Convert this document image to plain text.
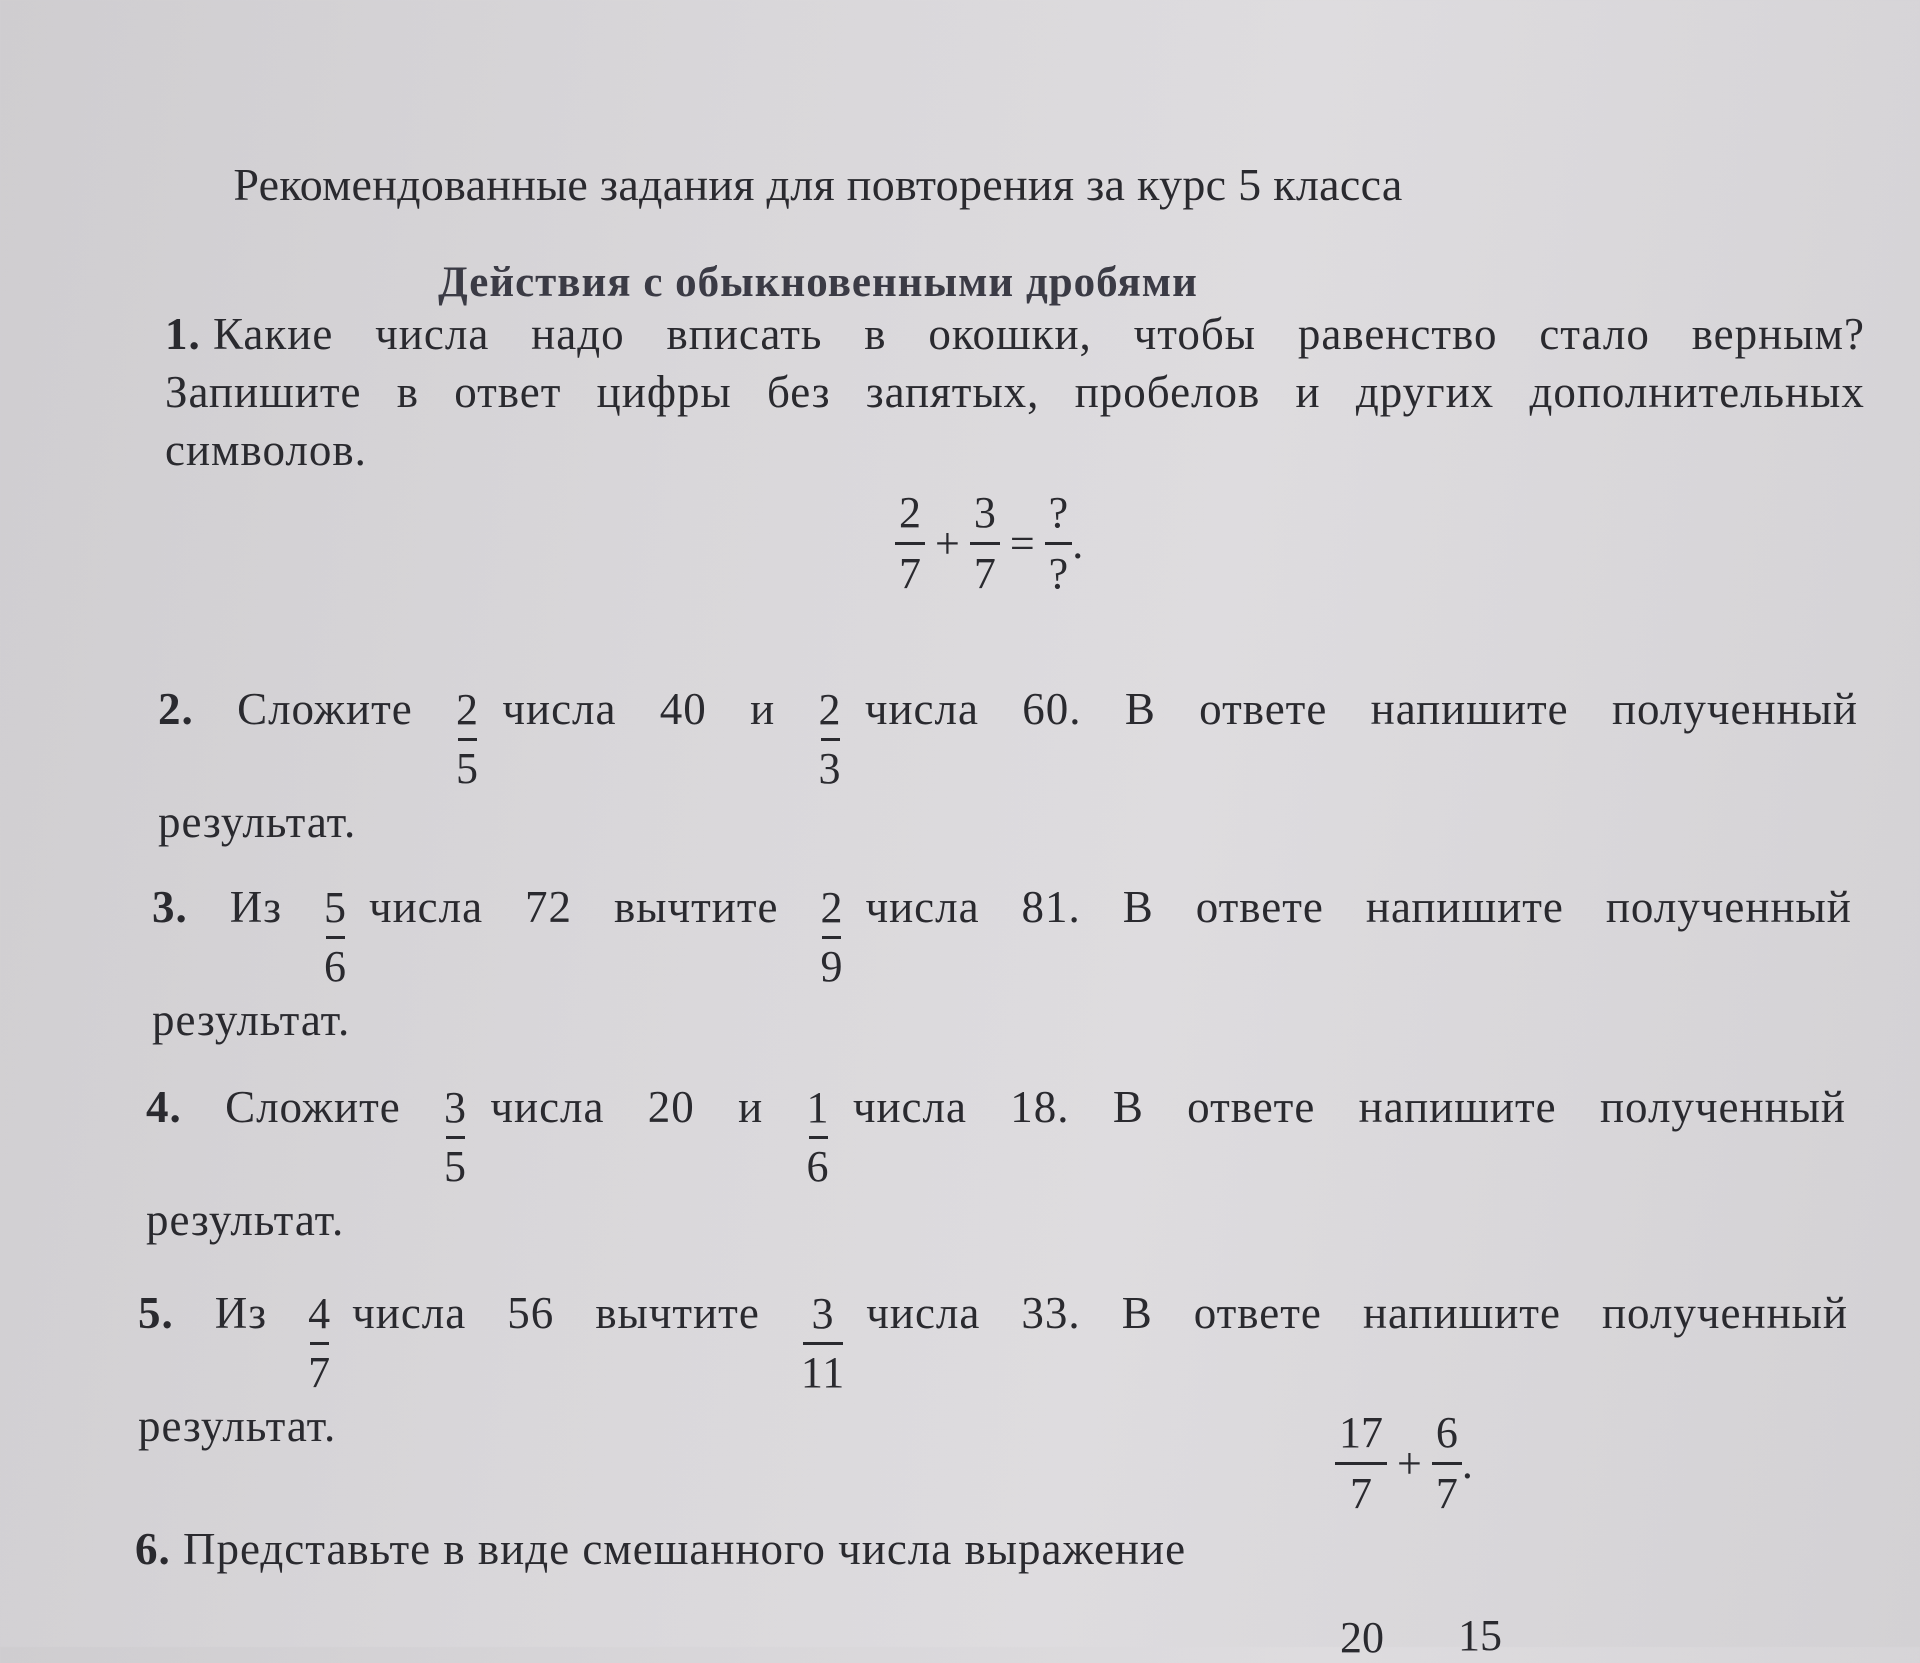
Рекомендованные задания для повторения за курс 5 класса
Действия с обыкновенными дробями
1. Какие числа надо вписать в окошки, чтобы равенство стало верным?
Запишите в ответ цифры без запятых, пробелов и других дополнительных
символов.
$\frac{2}{7} + \frac{3}{7} = \frac{?}{?}$ .
2. Сложите 2
5
числа 40 и 2
3
числа 60. В ответе напишите полученный
результат.
3. Из 5
6
числа 72 вычтите 2
9
числа 81. В ответе напишите полученный
результат.
4. Сложите 3
5
числа 20 и 1
6
числа 18. В ответе напишите полученный
результат.
5. Из 4
7
числа 56 вычтите 3
11
числа 33. В ответе напишите полученный
результат.
6. Представьте в виде смешанного числа выражение
$\frac{17}{7} + \frac{6}{7}$ .
20 15
